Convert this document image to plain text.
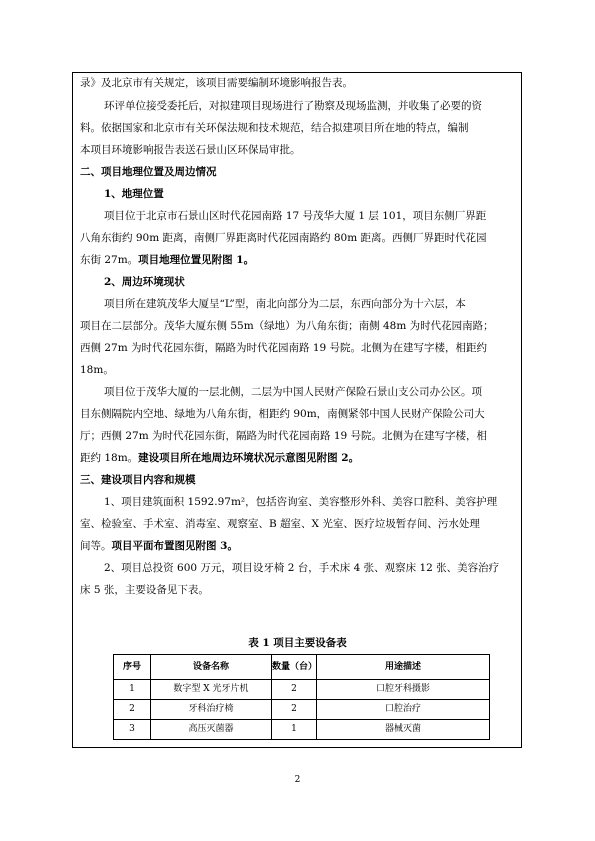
录》及北京市有关规定，该项目需要编制环境影响报告表。

环评单位接受委托后，对拟建项目现场进行了勘察及现场监测，并收集了必要的资

料。依据国家和北京市有关环保法规和技术规范，结合拟建项目所在地的特点，编制

本项目环境影响报告表送石景山区环保局审批。

二、项目地理位置及周边情况

1、地理位置

项目位于北京市石景山区时代花园南路 17 号茂华大厦 1 层 101，项目东侧厂界距

八角东街约 90m 距离，南侧厂界距离时代花园南路约 80m 距离。西侧厂界距时代花园

东街 27m。项目地理位置见附图 1。

2、周边环境现状

项目所在建筑茂华大厦呈“L”型，南北向部分为二层，东西向部分为十六层，本

项目在二层部分。茂华大厦东侧 55m（绿地）为八角东街；南侧 48m 为时代花园南路；

西侧 27m 为时代花园东街，隔路为时代花园南路 19 号院。北侧为在建写字楼，相距约

18m。

项目位于茂华大厦的一层北侧，二层为中国人民财产保险石景山支公司办公区。项

目东侧隔院内空地、绿地为八角东街，相距约 90m，南侧紧邻中国人民财产保险公司大

厅；西侧 27m 为时代花园东街，隔路为时代花园南路 19 号院。北侧为在建写字楼，相

距约 18m。建设项目所在地周边环境状况示意图见附图 2。

三、建设项目内容和规模

1、项目建筑面积 1592.97m²，包括咨询室、美容整形外科、美容口腔科、美容护理

室、检验室、手术室、消毒室、观察室、B 超室、X 光室、医疗垃圾暂存间、污水处理

间等。项目平面布置图见附图 3。

2、项目总投资 600 万元，项目设牙椅 2 台，手术床 4 张、观察床 12 张、美容治疗

床 5 张，主要设备见下表。

表 1 项目主要设备表
序号	设备名称	数量（台）	用途描述
1	数字型 X 光牙片机	2	口腔牙科摄影
2	牙科治疗椅	2	口腔治疗
3	高压灭菌器	1	器械灭菌
2
